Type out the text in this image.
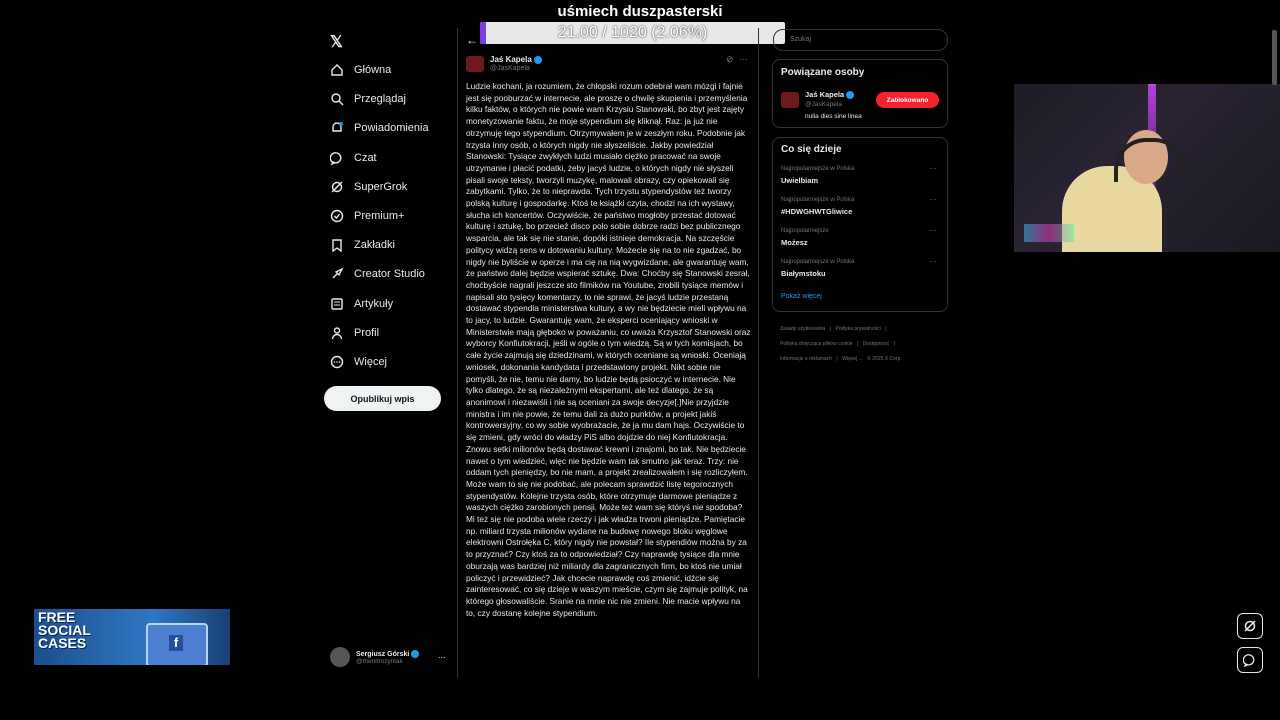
uśmiech duszpasterski
21.00 / 1020 (2.06%)
𝕏
Główna
Przeglądaj
Powiadomienia
Czat
SuperGrok
Premium+
Zakładki
Creator Studio
Artykuły
Profil
Więcej
Opublikuj wpis
Sergiusz Górski
@thenitrozynlak
...
←
Jaś Kapela
@JasKapela
⊘ ···
Ludzie kochani, ja rozumiem, że chłopski rozum odebrał wam mózgi i fajnie jest się pooburzać w internecie, ale proszę o chwilę skupienia i przemyślenia kilku faktów, o których nie powie wam Krzysiu Stanowski, bo zbyt jest zajęty monetyzowanie faktu, że moje stypendium się kliknął. Raz: ja już nie otrzymuję tego stypendium. Otrzymywałem je w zeszłym roku. Podobnie jak trzysta inny osób, o których nigdy nie słyszeliście. Jakby powiedział Stanowski: Tysiące zwykłych ludzi musiało ciężko pracować na swoje utrzymanie i płacić podatki, żeby jacyś ludzie, o których nigdy nie słyszeli pisali swoje teksty, tworzyli muzykę, malowali obrazy, czy opiekowali się zabytkami. Tylko, że to nieprawda. Tych trzystu stypendystów też tworzy polską kulturę i gospodarkę. Ktoś te książki czyta, chodzi na ich wystawy, słucha ich koncertów. Oczywiście, że państwo mogłoby przestać dotować kulturę i sztukę, bo przecież disco polo sobie dobrze radzi bez publicznego wsparcia, ale tak się nie stanie, dopóki istnieje demokracja. Na szczęście politycy widzą sens w dotowaniu kultury. Możecie się na to nie zgadzać, bo nigdy nie byliście w operze i ma cię na nią wygwizdane, ale gwarantuję wam, że państwo dalej będzie wspierać sztukę. Dwa: Choćby się Stanowski zesrał, choćbyście nagrali jeszcze sto filmików na Youtube, zrobili tysiące memów i napisali sto tysięcy komentarzy, to nie sprawi, że jacyś ludzie przestaną dostawać stypendia ministerstwa kultury, a wy nie będziecie mieli wpływu na to jacy, to ludzie. Gwarantuję wam, że eksperci oceniający wnioski w Ministerstwie mają głęboko w poważaniu, co uważa Krzysztof Stanowski oraz wyborcy Konfiutokracji, jeśli w ogóle o tym wiedzą. Są w tych komisjach, bo całe życie zajmują się dziedzinami, w których oceniane są wnioski. Oceniają wniosek, dokonania kandydata i przedstawiony projekt. Nikt sobie nie pomyśli, że nie, temu nie damy, bo ludzie będą psioczyć w internecie. Nie tylko dlatego, że są niezależnymi ekspertami, ale też dlatego, że są anonimowi i niezawiśli i nie są oceniani za swoje decyzje[.]Nie przyjdzie ministra i im nie powie, że temu dali za dużo punktów, a projekt jakiś kontrowersyjny, co wy sobie wyobrażacie, że ja mu dam hajs. Oczywiście to się zmieni, gdy wróci do władzy PiS albo dojdzie do niej Konfiutokracja. Znowu setki milionów będą dostawać krewni i znajomi, bo tak. Nie będziecie nawet o tym wiedzieć, więc nie będzie wam tak smutno jak teraz. Trzy: nie oddam tych pieniędzy, bo nie mam, a projekt zrealizowałem i się rozliczyłem. Może wam to się nie podobać, ale polecam sprawdzić listę tegorocznych stypendystów. Kolejne trzysta osób, które otrzymuje darmowe pieniądze z waszych ciężko zarobionych pensji. Może też wam się któryś nie spodoba? Mi też się nie podoba wiele rzeczy i jak władza trwoni pieniądze. Pamiętacie np. miliard trzysta milionów wydane na budowę nowego bloku węglowe elektrowni Ostrołęka C, który nigdy nie powstał? Ile stypendiów można by za to przyznać? Czy ktoś za to odpowiedział? Czy naprawdę tysiące dla mnie oburzają was bardziej niż miliardy dla zagranicznych firm, bo ktoś nie umiał policzyć i przewidzieć? Jak chcecie naprawdę coś zmienić, idźcie się zainteresować, co się dzieje w waszym mieście, czym się zajmuje polityk, na którego głosowaliście. Sranie na mnie nic nie zmieni. Nie macie wpływu na to, czy dostanę kolejne stypendium.
Szukaj
Powiązane osoby
Jaś Kapela
@JasKapela
nulla dies sine linea
Zablokowano
Co się dzieje
Najpopularniejsze w Polska
Uwielbiam
···
Najpopularniejsze w Polska
#HDWGHWTGliwice
···
Najpopularniejsze
Możesz
···
Najpopularniejsze w Polska
Białymstoku
···
Pokaż więcej
Zasady użytkowania | Polityka prywatności |
Polityka dotycząca plików cookie | Dostępność |
Informacje o reklamach | Więcej ... © 2025 X Corp.
FREE
SOCIAL
CASES	f
